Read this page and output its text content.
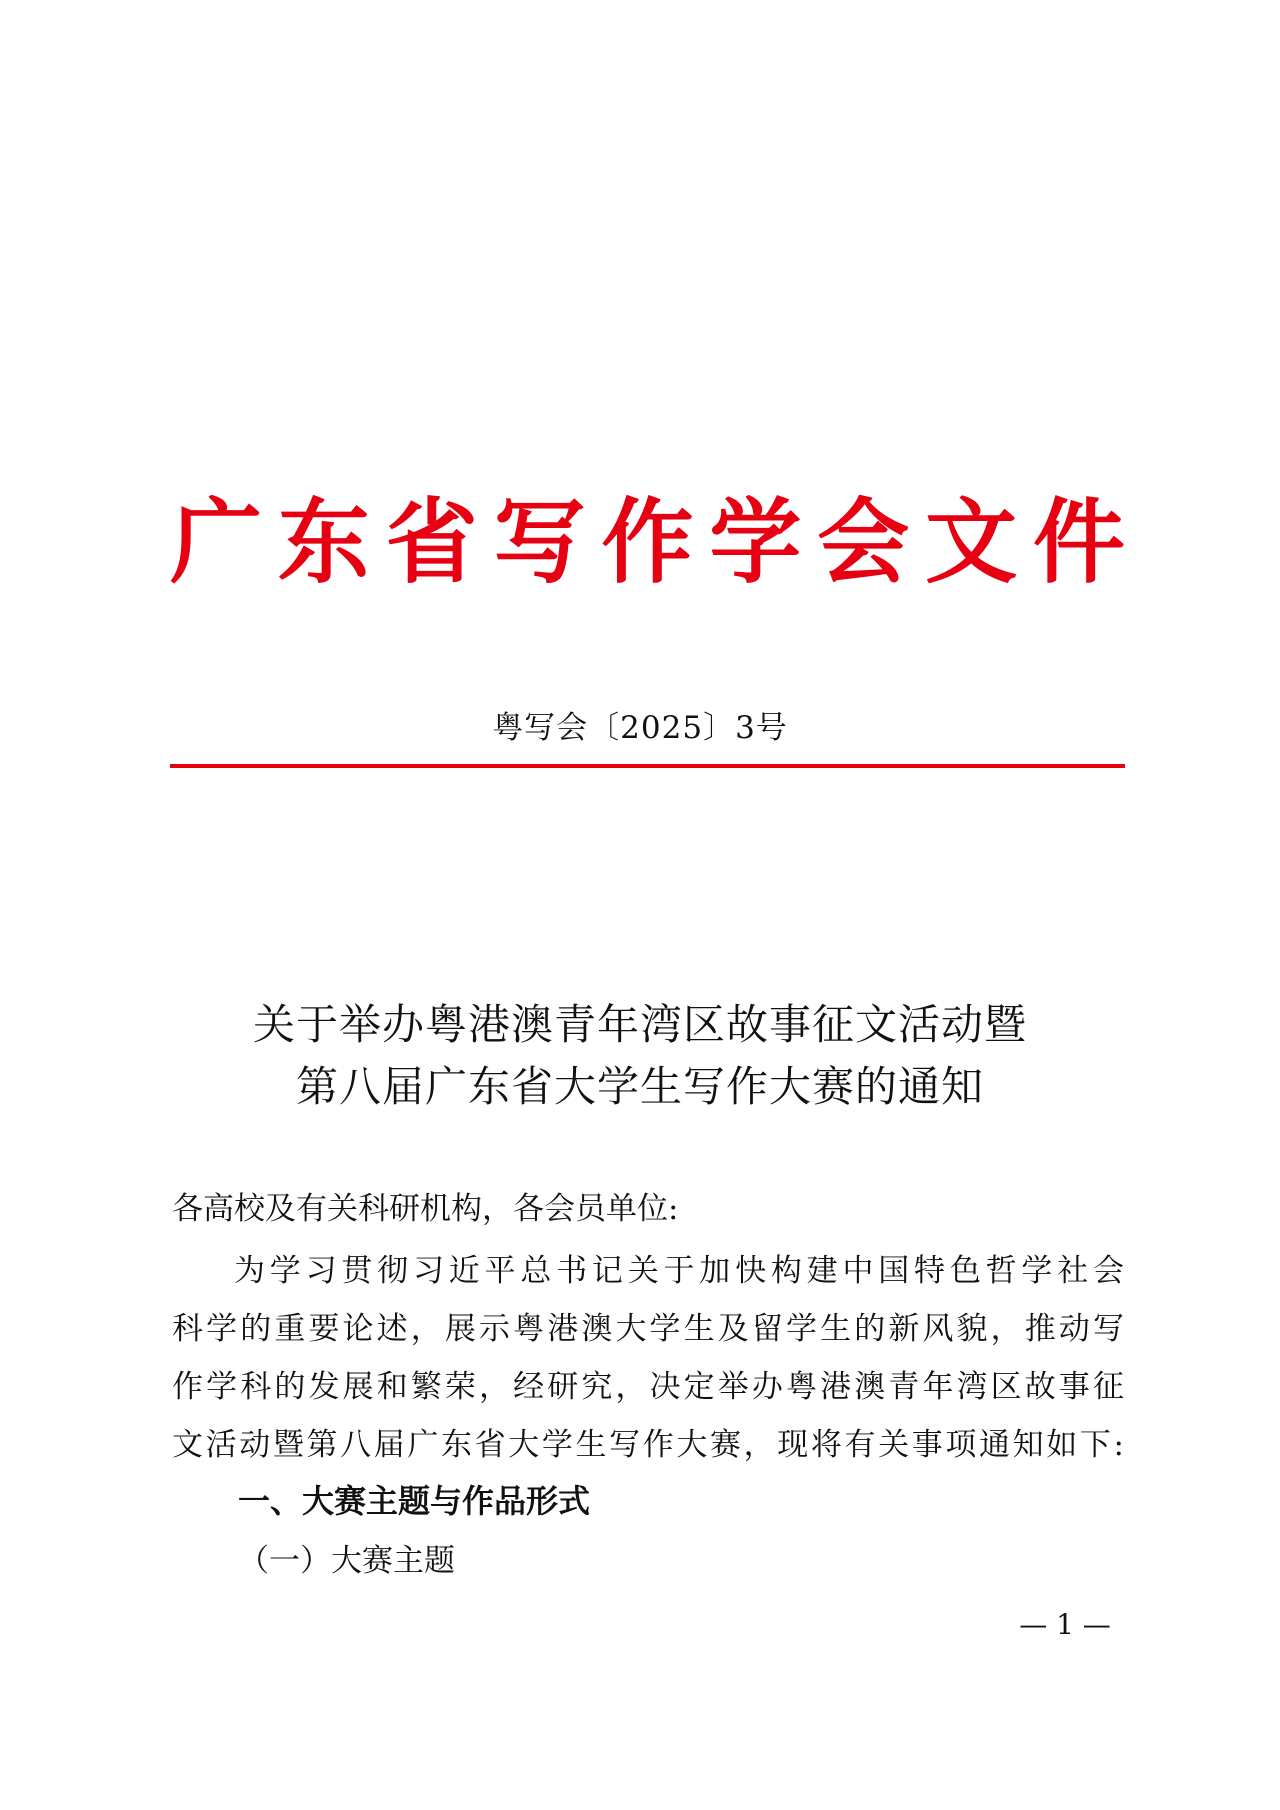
广东省写作学会文件
粤写会〔2025〕3号
关于举办粤港澳青年湾区故事征文活动暨
第八届广东省大学生写作大赛的通知
各高校及有关科研机构，各会员单位:
为学习贯彻习近平总书记关于加快构建中国特色哲学社会
科学的重要论述，展示粤港澳大学生及留学生的新风貌，推动写
作学科的发展和繁荣，经研究，决定举办粤港澳青年湾区故事征
文活动暨第八届广东省大学生写作大赛，现将有关事项通知如下:
一、大赛主题与作品形式
（一）大赛主题
— 1 —
